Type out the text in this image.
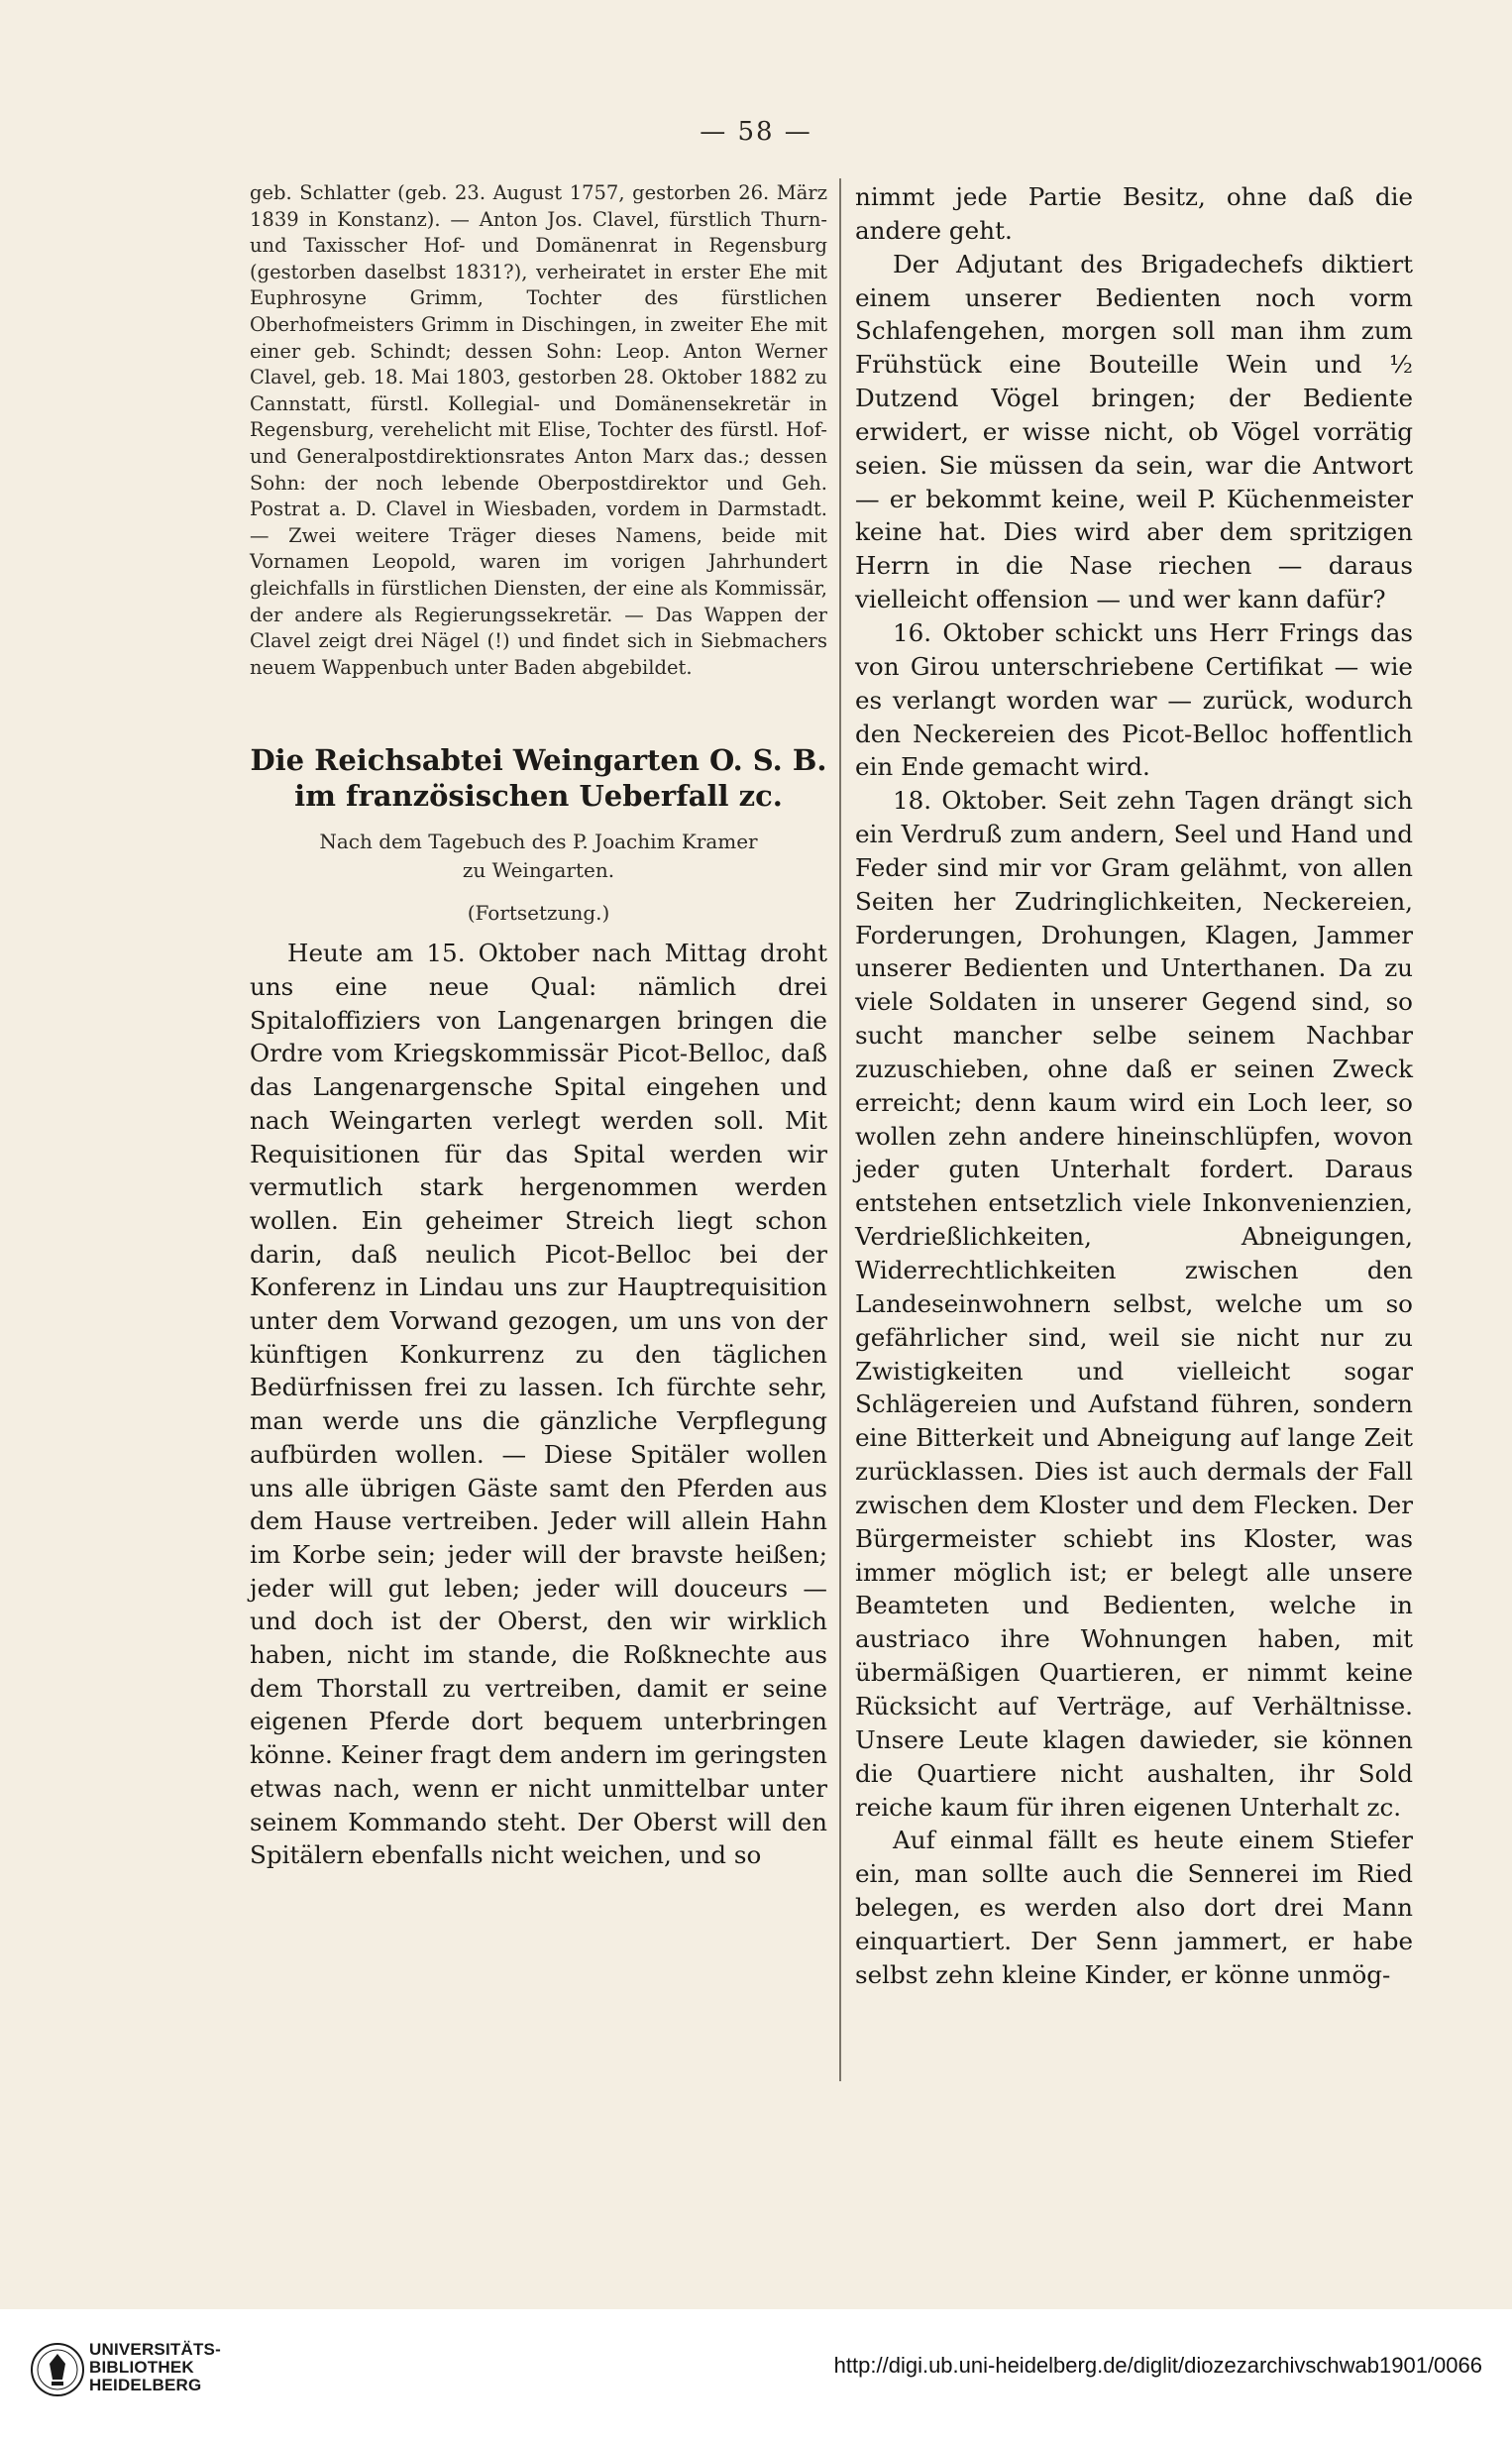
— 58 —

geb. Schlatter (geb. 23. August 1757, gestorben 26. März 1839 in Konstanz). — Anton Jos. Clavel, fürstlich Thurn- und Taxisscher Hof- und Domänenrat in Regensburg (gestorben daselbst 1831?), verheiratet in erster Ehe mit Euphrosyne Grimm, Tochter des fürstlichen Oberhofmeisters Grimm in Dischingen, in zweiter Ehe mit einer geb. Schindt; dessen Sohn: Leop. Anton Werner Clavel, geb. 18. Mai 1803, gestorben 28. Oktober 1882 zu Cannstatt, fürstl. Kollegial- und Domänensekretär in Regensburg, verehelicht mit Elise, Tochter des fürstl. Hof- und Generalpostdirektionsrates Anton Marx das.; dessen Sohn: der noch lebende Oberpostdirektor und Geh. Postrat a. D. Clavel in Wiesbaden, vordem in Darmstadt. — Zwei weitere Träger dieses Namens, beide mit Vornamen Leopold, waren im vorigen Jahrhundert gleichfalls in fürstlichen Diensten, der eine als Kommissär, der andere als Regierungssekretär. — Das Wappen der Clavel zeigt drei Nägel (!) und findet sich in Siebmachers neuem Wappenbuch unter Baden abgebildet.

Die Reichsabtei Weingarten O. S. B.
im französischen Ueberfall zc.
Nach dem Tagebuch des P. Joachim Kramer
zu Weingarten.
(Fortsetzung.)

Heute am 15. Oktober nach Mittag droht uns eine neue Qual: nämlich drei Spitaloffiziers von Langenargen bringen die Ordre vom Kriegskommissär Picot-Belloc, daß das Langenargensche Spital eingehen und nach Weingarten verlegt werden soll. Mit Requisitionen für das Spital werden wir vermutlich stark hergenommen werden wollen. Ein geheimer Streich liegt schon darin, daß neulich Picot-Belloc bei der Konferenz in Lindau uns zur Hauptrequisition unter dem Vorwand gezogen, um uns von der künftigen Konkurrenz zu den täglichen Bedürfnissen frei zu lassen. Ich fürchte sehr, man werde uns die gänzliche Verpflegung aufbürden wollen. — Diese Spitäler wollen uns alle übrigen Gäste samt den Pferden aus dem Hause vertreiben. Jeder will allein Hahn im Korbe sein; jeder will der bravste heißen; jeder will gut leben; jeder will douceurs — und doch ist der Oberst, den wir wirklich haben, nicht im stande, die Roßknechte aus dem Thorstall zu vertreiben, damit er seine eigenen Pferde dort bequem unterbringen könne. Keiner fragt dem andern im geringsten etwas nach, wenn er nicht unmittelbar unter seinem Kommando steht. Der Oberst will den Spitälern ebenfalls nicht weichen, und so

nimmt jede Partie Besitz, ohne daß die andere geht.

Der Adjutant des Brigadechefs diktiert einem unserer Bedienten noch vorm Schlafengehen, morgen soll man ihm zum Frühstück eine Bouteille Wein und ½ Dutzend Vögel bringen; der Bediente erwidert, er wisse nicht, ob Vögel vorrätig seien. Sie müssen da sein, war die Antwort — er bekommt keine, weil P. Küchenmeister keine hat. Dies wird aber dem spritzigen Herrn in die Nase riechen — daraus vielleicht offension — und wer kann dafür?

16. Oktober schickt uns Herr Frings das von Girou unterschriebene Certifikat — wie es verlangt worden war — zurück, wodurch den Neckereien des Picot-Belloc hoffentlich ein Ende gemacht wird.

18. Oktober. Seit zehn Tagen drängt sich ein Verdruß zum andern, Seel und Hand und Feder sind mir vor Gram gelähmt, von allen Seiten her Zudringlichkeiten, Neckereien, Forderungen, Drohungen, Klagen, Jammer unserer Bedienten und Unterthanen. Da zu viele Soldaten in unserer Gegend sind, so sucht mancher selbe seinem Nachbar zuzuschieben, ohne daß er seinen Zweck erreicht; denn kaum wird ein Loch leer, so wollen zehn andere hineinschlüpfen, wovon jeder guten Unterhalt fordert. Daraus entstehen entsetzlich viele Inkonvenienzien, Verdrießlichkeiten, Abneigungen, Widerrechtlichkeiten zwischen den Landeseinwohnern selbst, welche um so gefährlicher sind, weil sie nicht nur zu Zwistigkeiten und vielleicht sogar Schlägereien und Aufstand führen, sondern eine Bitterkeit und Abneigung auf lange Zeit zurücklassen. Dies ist auch dermals der Fall zwischen dem Kloster und dem Flecken. Der Bürgermeister schiebt ins Kloster, was immer möglich ist; er belegt alle unsere Beamteten und Bedienten, welche in austriaco ihre Wohnungen haben, mit übermäßigen Quartieren, er nimmt keine Rücksicht auf Verträge, auf Verhältnisse. Unsere Leute klagen dawieder, sie können die Quartiere nicht aushalten, ihr Sold reiche kaum für ihren eigenen Unterhalt zc.

Auf einmal fällt es heute einem Stiefer ein, man sollte auch die Sennerei im Ried belegen, es werden also dort drei Mann einquartiert. Der Senn jammert, er habe selbst zehn kleine Kinder, er könne unmög-

UNIVERSITÄTS-
BIBLIOTHEK
HEIDELBERG
http://digi.ub.uni-heidelberg.de/diglit/diozezarchivschwab1901/0066
